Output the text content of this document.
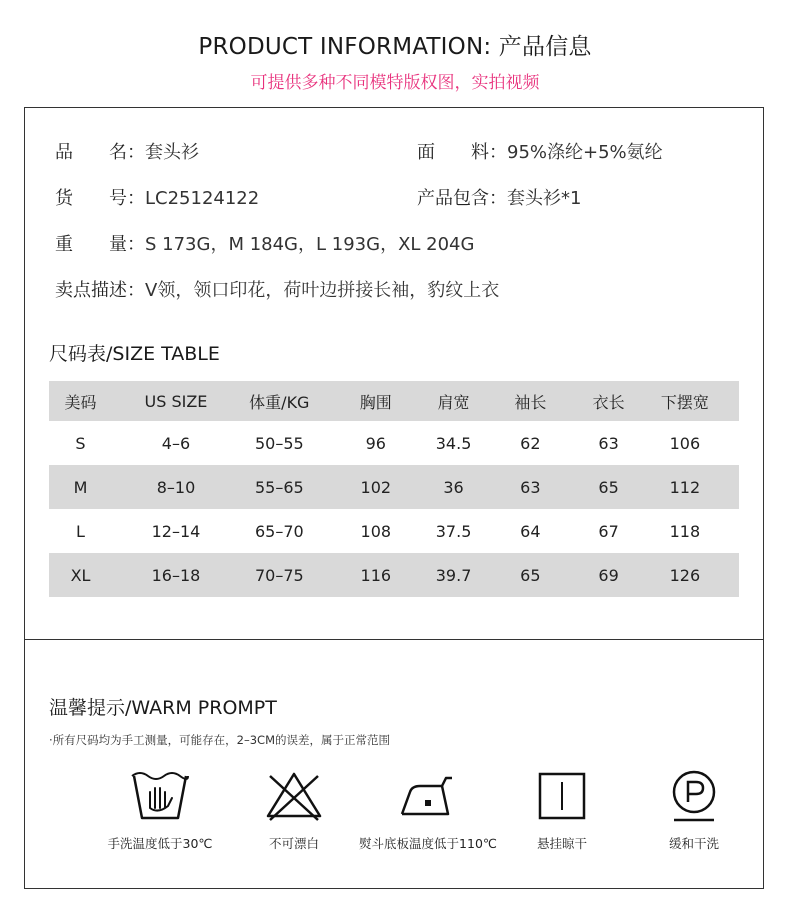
PRODUCT INFORMATION: 产品信息
可提供多种不同模特版权图，实拍视频
品　　名：套头衫	面　　料：95%涤纶+5%氨纶
货　　号：LC25124122	产品包含：套头衫*1
重　　量：S 173G，M 184G，L 193G，XL 204G
卖点描述：V领，领口印花，荷叶边拼接长袖，豹纹上衣
尺码表/SIZE TABLE
美码	US SIZE	体重/KG	胸围	肩宽	袖长	衣长	下摆宽
S	4–6	50–55	96	34.5	62	63	106
M	8–10	55–65	102	36	63	65	112
L	12–14	65–70	108	37.5	64	67	118
XL	16–18	70–75	116	39.7	65	69	126
温馨提示/WARM PROMPT
·所有尺码均为手工测量，可能存在，2–3CM的误差，属于正常范围
手洗温度低于30℃	不可漂白	熨斗底板温度低于110℃	悬挂晾干	缓和干洗
